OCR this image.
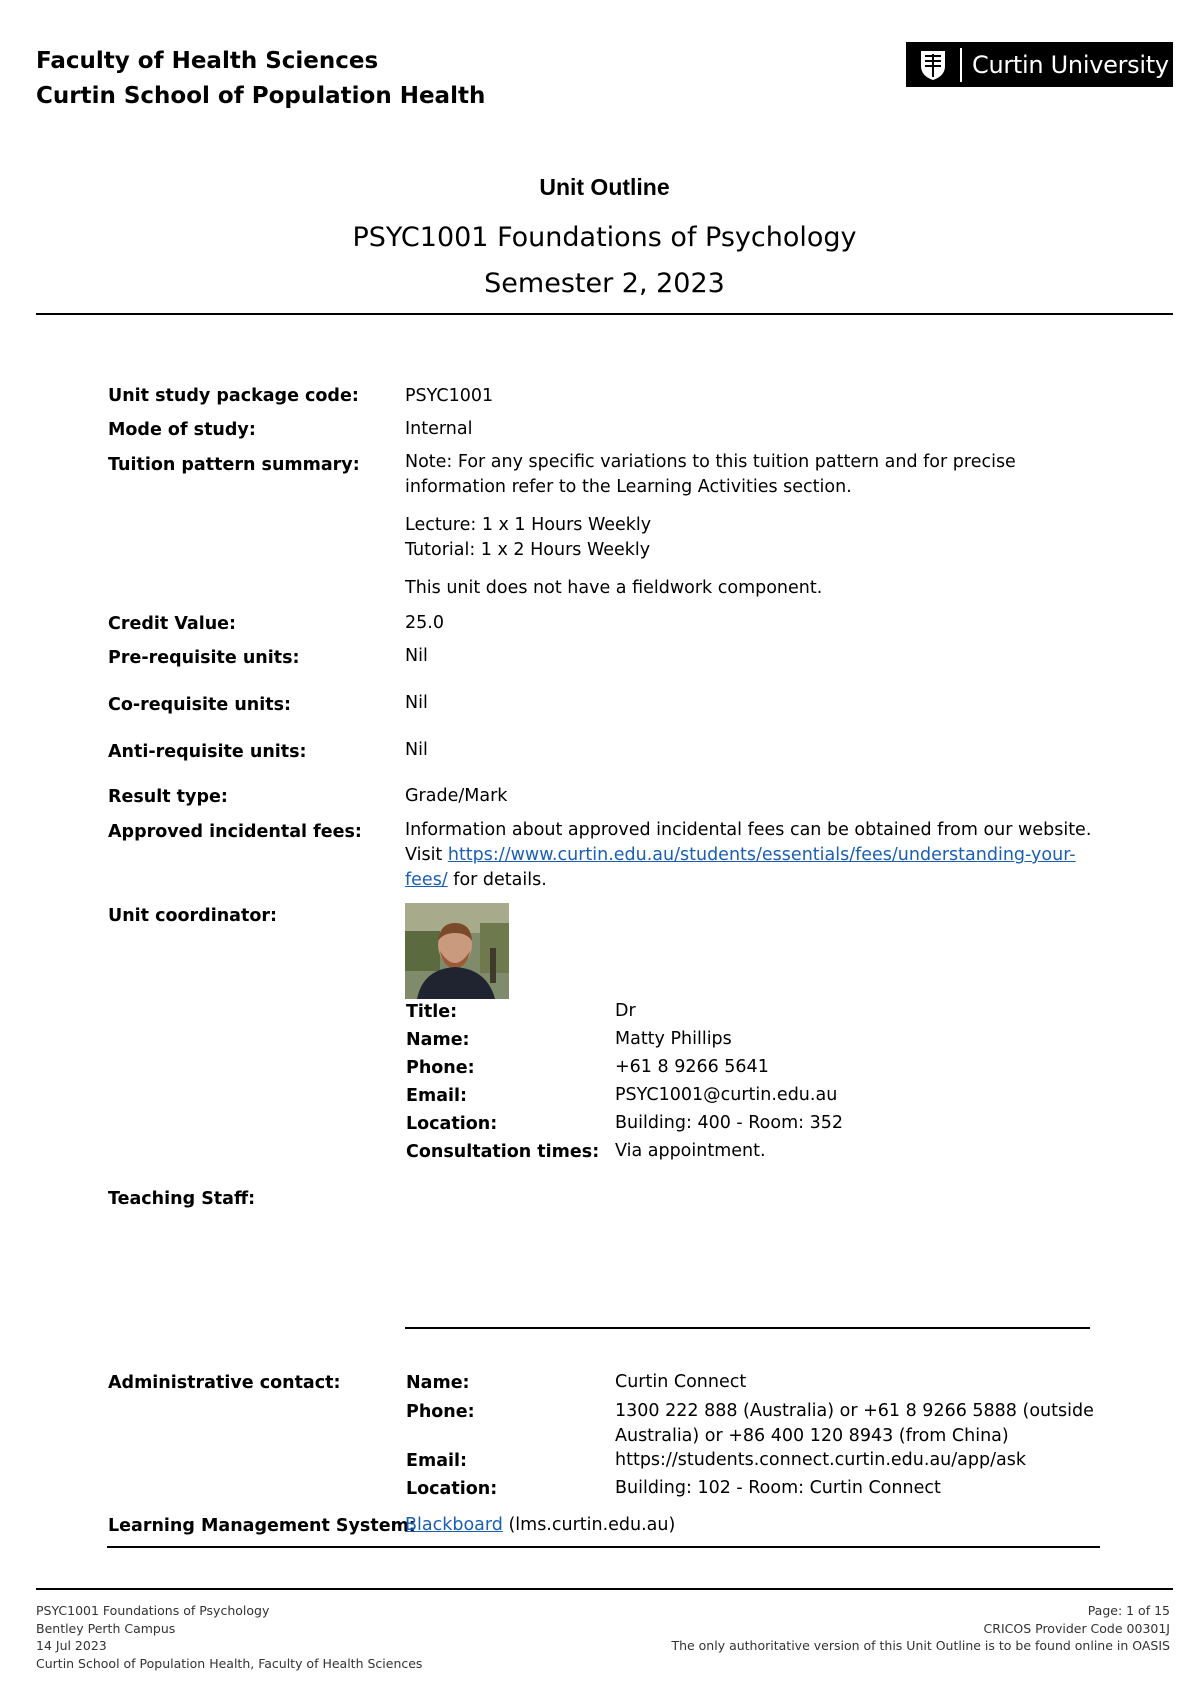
Faculty of Health Sciences
Curtin School of Population Health
Curtin University
Unit Outline
PSYC1001 Foundations of Psychology
Semester 2, 2023
Unit study package code:	PSYC1001
Mode of study:	Internal
Tuition pattern summary:	Note: For any specific variations to this tuition pattern and for precise information refer to the Learning Activities section.
Lecture: 1 x 1 Hours Weekly
Tutorial: 1 x 2 Hours Weekly
This unit does not have a fieldwork component.
Credit Value:	25.0
Pre-requisite units:	Nil
Co-requisite units:	Nil
Anti-requisite units:	Nil
Result type:	Grade/Mark
Approved incidental fees: Information about approved incidental fees can be obtained from our website.
Visit https://www.curtin.edu.au/students/essentials/fees/understanding-your-
fees/ for details.
Unit coordinator:
Title:	Dr
Name:	Matty Phillips
Phone:	+61 8 9266 5641
Email:	PSYC1001@curtin.edu.au
Location:	Building: 400 - Room: 352
Consultation times: Via appointment.
Teaching Staff:
Administrative contact:	Name:	Curtin Connect
Phone:	1300 222 888 (Australia) or +61 8 9266 5888 (outside
Australia) or +86 400 120 8943 (from China)
Email:	https://students.connect.curtin.edu.au/app/ask
Location:	Building: 102 - Room: Curtin Connect
Learning Management System:
Blackboard (lms.curtin.edu.au)
PSYC1001 Foundations of Psychology
Bentley Perth Campus
14 Jul 2023
Curtin School of Population Health, Faculty of Health Sciences
Page: 1 of 15
CRICOS Provider Code 00301J
The only authoritative version of this Unit Outline is to be found online in OASIS
